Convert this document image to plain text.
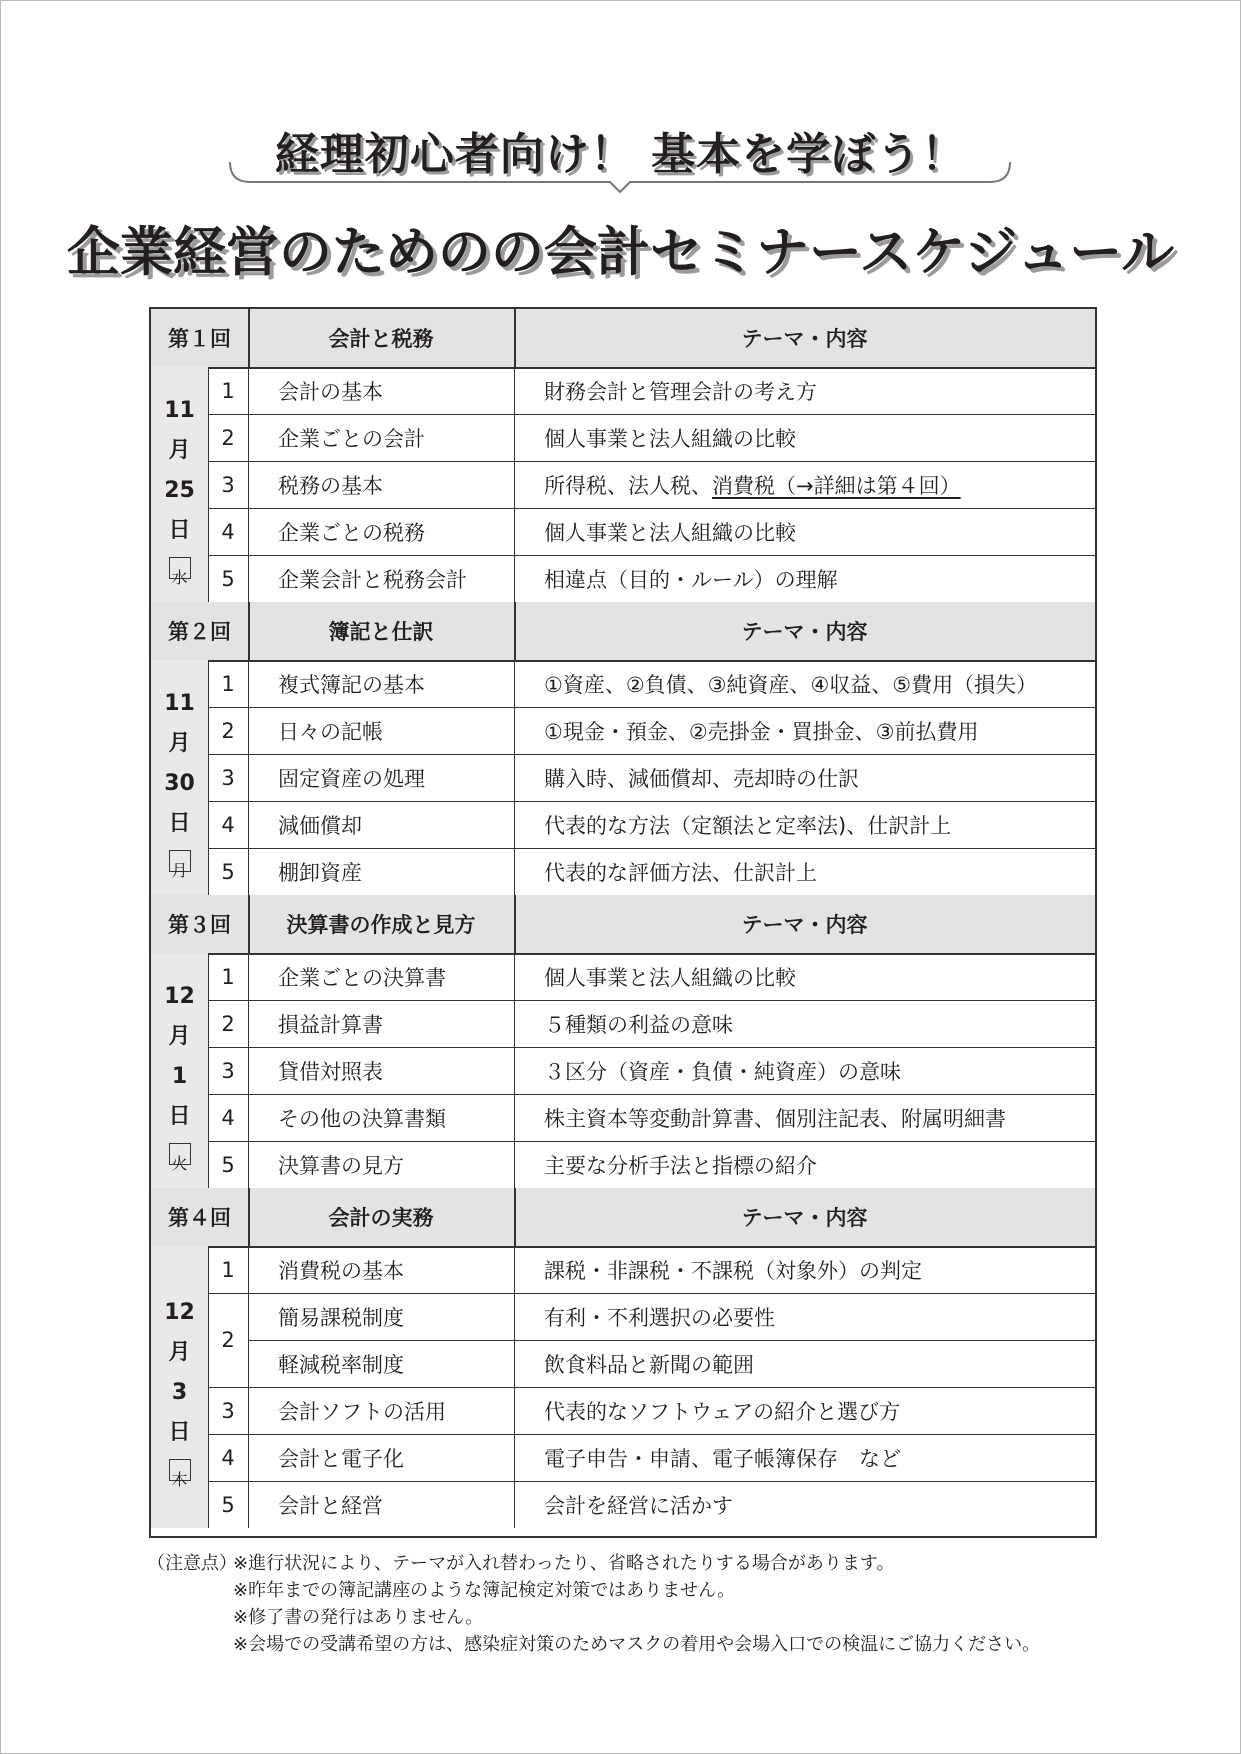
経理初心者向け！ 基本を学ぼう！
企業経営のためのの会計セミナースケジュール
第１回	会計と税務	テーマ・内容
11
月
25
日
水
1	会計の基本	財務会計と管理会計の考え方
2	企業ごとの会計	個人事業と法人組織の比較
3	税務の基本	所得税、法人税、 消費税（→詳細は第４回）
4	企業ごとの税務	個人事業と法人組織の比較
5	企業会計と税務会計	相違点（目的・ルール）の理解
第２回	簿記と仕訳	テーマ・内容
11
月
30
日
月
1	複式簿記の基本	①資産、②負債、③純資産、④収益、⑤費用（損失）
2	日々の記帳	①現金・預金、②売掛金・買掛金、③前払費用
3	固定資産の処理	購入時、減価償却、売却時の仕訳
4	減価償却	代表的な方法（定額法と定率法)、仕訳計上
5	棚卸資産	代表的な評価方法、仕訳計上
第３回	決算書の作成と見方	テーマ・内容
12
月
1
日
火
1	企業ごとの決算書	個人事業と法人組織の比較
2	損益計算書	５種類の利益の意味
3	貸借対照表	３区分（資産・負債・純資産）の意味
4	その他の決算書類	株主資本等変動計算書、個別注記表、附属明細書
5	決算書の見方	主要な分析手法と指標の紹介
第４回	会計の実務	テーマ・内容
12
月
3
日
木
1	消費税の基本	課税・非課税・不課税（対象外）の判定
2
簡易課税制度	有利・不利選択の必要性
軽減税率制度	飲食料品と新聞の範囲
3	会計ソフトの活用	代表的なソフトウェアの紹介と選び方
4	会計と電子化	電子申告・申請、電子帳簿保存　など
5	会計と経営	会計を経営に活かす
（注意点）
※進行状況により、テーマが入れ替わったり、省略されたりする場合があります。
※昨年までの簿記講座のような簿記検定対策ではありません。
※修了書の発行はありません。
※会場での受講希望の方は、感染症対策のためマスクの着用や会場入口での検温にご協力ください。
